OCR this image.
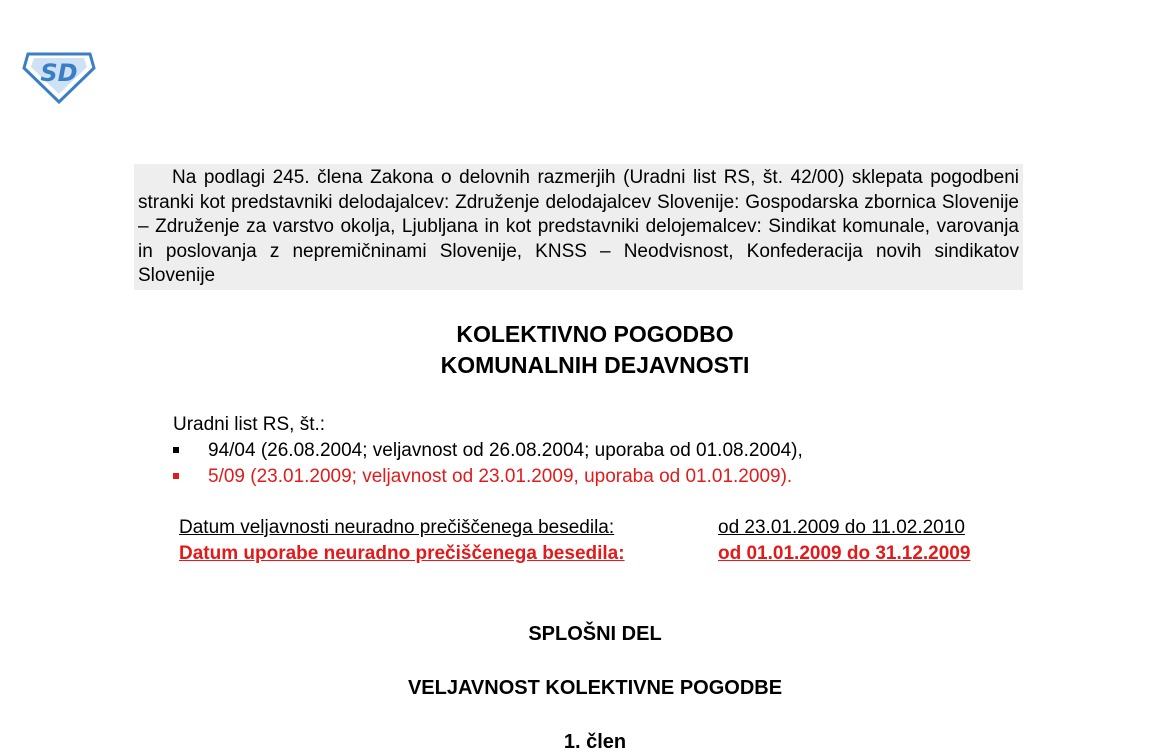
SD
Na podlagi 245. člena Zakona o delovnih razmerjih (Uradni list RS, št. 42/00) sklepata pogodbeni stranki kot predstavniki delodajalcev: Združenje delodajalcev Slovenije: Gospodarska zbornica Slovenije – Združenje za varstvo okolja, Ljubljana in kot predstavniki delojemalcev: Sindikat komunale, varovanja in poslovanja z nepremičninami Slovenije, KNSS – Neodvisnost, Konfederacija novih sindikatov Slovenije
KOLEKTIVNO POGODBO
KOMUNALNIH DEJAVNOSTI
Uradni list RS, št.:
94/04 (26.08.2004; veljavnost od 26.08.2004; uporaba od 01.08.2004),
5/09 (23.01.2009; veljavnost od 23.01.2009, uporaba od 01.01.2009).
Datum veljavnosti neuradno prečiščenega besedila:	od 23.01.2009 do 11.02.2010
Datum uporabe neuradno prečiščenega besedila:	od 01.01.2009 do 31.12.2009
SPLOŠNI DEL
VELJAVNOST KOLEKTIVNE POGODBE
1. člen
